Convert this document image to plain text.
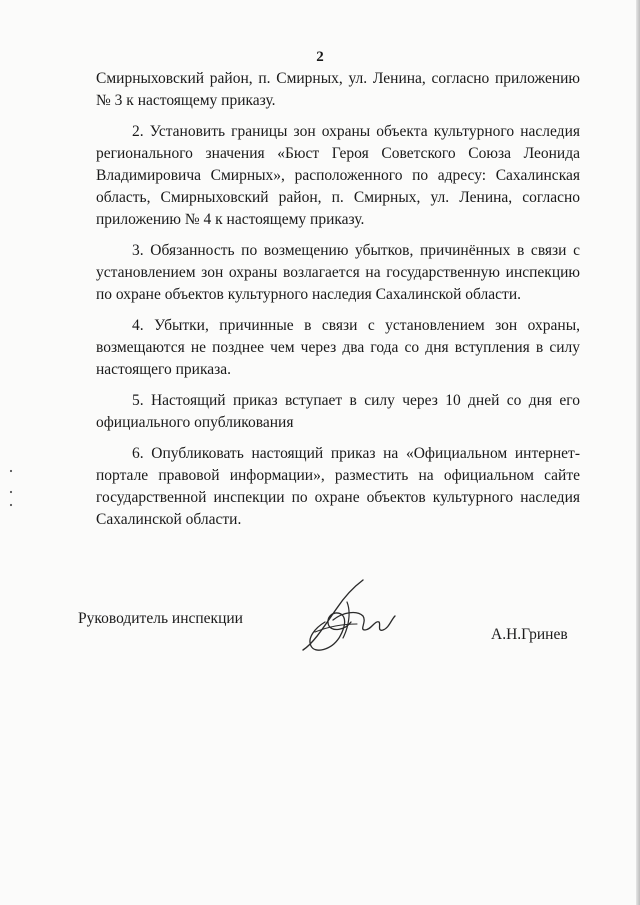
2

Смирныховский район, п. Смирных, ул. Ленина, согласно приложению № 3 к настоящему приказу.

2. Установить границы зон охраны объекта культурного наследия регионального значения «Бюст Героя Советского Союза Леонида Владимировича Смирных», расположенного по адресу: Сахалинская область, Смирныховский район, п. Смирных, ул. Ленина, согласно приложению № 4 к настоящему приказу.

3. Обязанность по возмещению убытков, причинённых в связи с установлением зон охраны возлагается на государственную инспекцию по охране объектов культурного наследия Сахалинской области.

4. Убытки, причинные в связи с установлением зон охраны, возмещаются не позднее чем через два года со дня вступления в силу настоящего приказа.

5. Настоящий приказ вступает в силу через 10 дней со дня его официального опубликования

6. Опубликовать настоящий приказ на «Официальном интернет-портале правовой информации», разместить на официальном сайте государственной инспекции по охране объектов культурного наследия Сахалинской области.

Руководитель инспекции
А.Н.Гринев
